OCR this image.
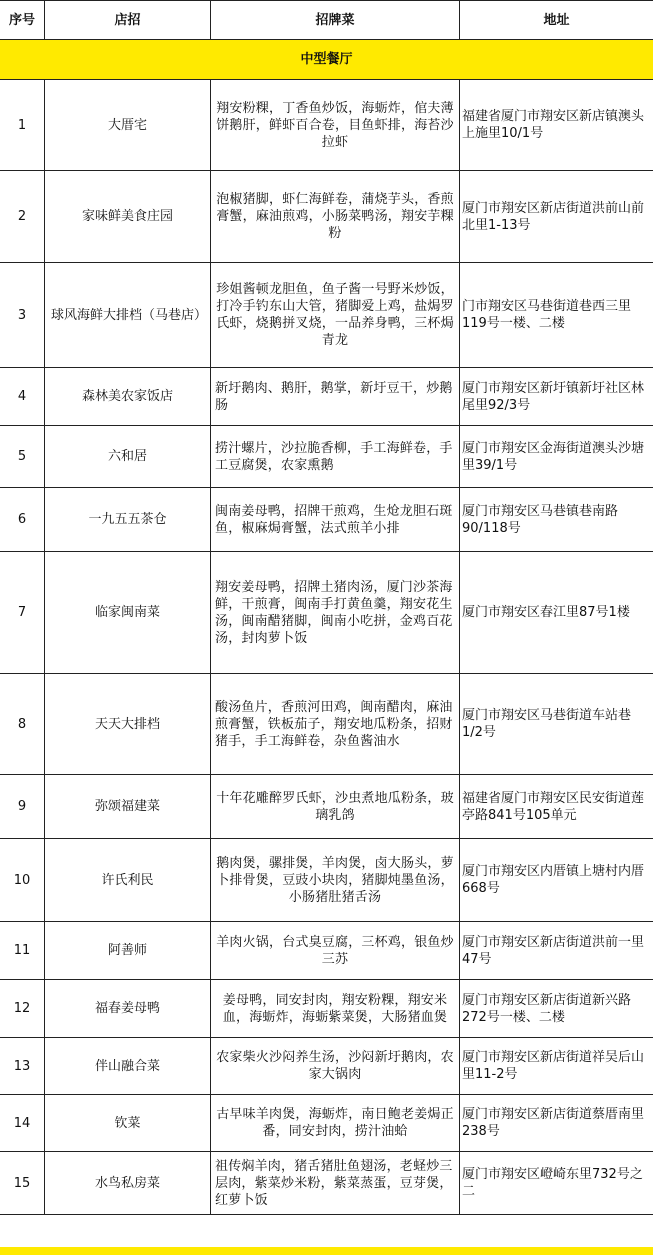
序号	店招	招牌菜	地址
中型餐厅			
1	大厝宅	翔安粉粿，丁香鱼炒饭，海蛎炸，倌夫薄饼鹅肝，鲜虾百合卷，目鱼虾排，海苔沙拉虾	福建省厦门市翔安区新店镇澳头上施里10/1号
2	家味鲜美食庄园	泡椒猪脚，虾仁海鲜卷，蒲烧芋头，香煎膏蟹，麻油煎鸡，小肠菜鸭汤，翔安芋粿粉	厦门市翔安区新店街道洪前山前北里1-13号
3	球风海鲜大排档（马巷店）	珍姐酱顿龙胆鱼，鱼子酱一号野米炒饭，打冷手钓东山大管，猪脚爱上鸡，盐焗罗氏虾，烧鹅拼叉烧，一品养身鸭，三杯焗青龙	门市翔安区马巷街道巷西三里119号一楼、二楼
4	森林美农家饭店	新圩鹅肉、鹅肝，鹅掌，新圩豆干，炒鹅肠	厦门市翔安区新圩镇新圩社区林尾里92/3号
5	六和居	捞汁螺片，沙拉脆香柳，手工海鲜卷，手工豆腐煲，农家熏鹅	厦门市翔安区金海街道澳头沙塘里39/1号
6	一九五五茶仓	闽南姜母鸭，招牌干煎鸡，生炝龙胆石斑鱼，椒麻焗膏蟹，法式煎羊小排	厦门市翔安区马巷镇巷南路90/118号
7	临家闽南菜	翔安姜母鸭，招牌土猪肉汤，厦门沙茶海鲜，干煎膏，闽南手打黄鱼羹，翔安花生汤，闽南醋猪脚，闽南小吃拼，金鸡百花汤，封肉萝卜饭	厦门市翔安区春江里87号1楼
8	天天大排档	酸汤鱼片，香煎河田鸡，闽南醋肉，麻油煎膏蟹，铁板茄子，翔安地瓜粉条，招财猪手，手工海鲜卷，杂鱼酱油水	厦门市翔安区马巷街道车站巷1/2号
9	弥颂福建菜	十年花雕醉罗氏虾，沙虫煮地瓜粉条，玻璃乳鸽	福建省厦门市翔安区民安街道莲亭路841号105单元
10	许氏利民	鹅肉煲，骡排煲，羊肉煲，卤大肠头，萝卜排骨煲，豆豉小块肉，猪脚炖墨鱼汤，小肠猪肚猪舌汤	厦门市翔安区内厝镇上塘村内厝668号
11	阿善师	羊肉火锅，台式臭豆腐，三杯鸡，银鱼炒三苏	厦门市翔安区新店街道洪前一里47号
12	福春姜母鸭	姜母鸭，同安封肉，翔安粉粿，翔安米血，海蛎炸，海蛎紫菜煲，大肠猪血煲	厦门市翔安区新店街道新兴路272号一楼、二楼
13	伴山融合菜	农家柴火沙闷养生汤，沙闷新圩鹅肉，农家大锅肉	厦门市翔安区新店街道祥吴后山里11-2号
14	钦菜	古早味羊肉煲，海蛎炸，南日鲍老姜焗正番，同安封肉，捞汁油蛤	厦门市翔安区新店街道蔡厝南里238号
15	水鸟私房菜	祖传焖羊肉，猪舌猪肚鱼翅汤，老蛏炒三层肉，紫菜炒米粉，紫菜蒸蛋，豆芽煲，红萝卜饭	厦门市翔安区嶝崎东里732号之二
